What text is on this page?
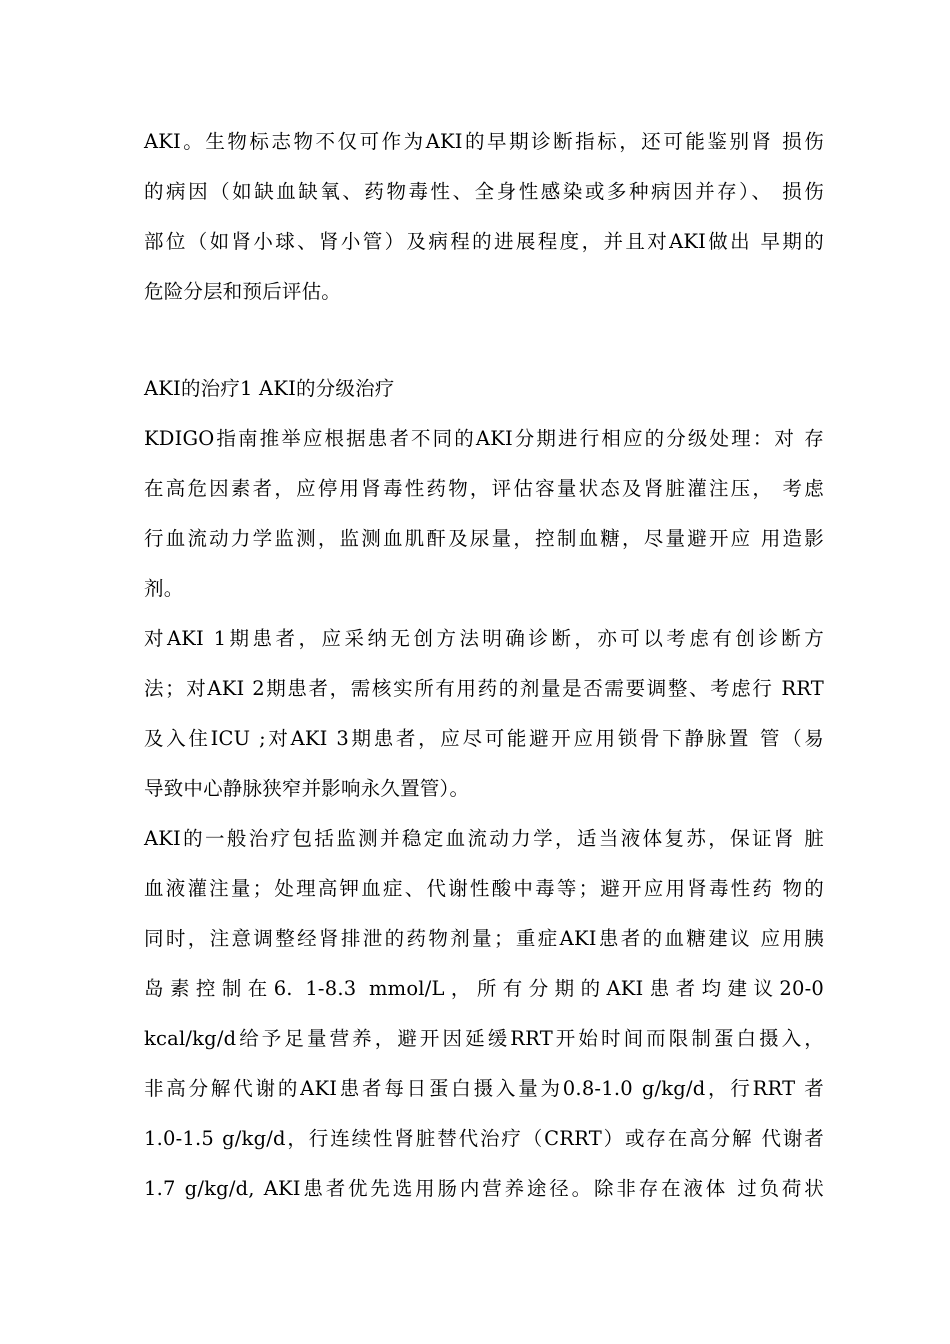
AKI。生物标志物不仅可作为AKI的早期诊断指标，还可能鉴别肾 损伤
的病因（如缺血缺氧、药物毒性、全身性感染或多种病因并存）、 损伤
部位（如肾小球、肾小管）及病程的进展程度，并且对AKI做出 早期的
危险分层和预后评估。
AKI的治疗1 AKI的分级治疗
KDIGO指南推举应根据患者不同的AKI分期进行相应的分级处理：对 存
在高危因素者，应停用肾毒性药物，评估容量状态及肾脏灌注压， 考虑
行血流动力学监测，监测血肌酐及尿量，控制血糖，尽量避开应 用造影
剂。
对AKI 1期患者，应采纳无创方法明确诊断，亦可以考虑有创诊断方
法；对AKI 2期患者，需核实所有用药的剂量是否需要调整、考虑行 RRT
及入住ICU ;对AKI 3期患者，应尽可能避开应用锁骨下静脉置 管（易
导致中心静脉狭窄并影响永久置管）。
AKI的一般治疗包括监测并稳定血流动力学，适当液体复苏，保证肾 脏
血液灌注量；处理高钾血症、代谢性酸中毒等；避开应用肾毒性药 物的
同时，注意调整经肾排泄的药物剂量；重症AKI患者的血糖建议 应用胰
岛素控制在6. 1-8.3 mmol/L，所有分期的AKI患者均建议20-0
kcal/kg/d给予足量营养，避开因延缓RRT开始时间而限制蛋白摄入，
非高分解代谢的AKI患者每日蛋白摄入量为0.8-1.0 g/kg/d，行RRT 者
1.0-1.5 g/kg/d，行连续性肾脏替代治疗（CRRT）或存在高分解 代谢者
1.7 g/kg/d, AKI患者优先选用肠内营养途径。除非存在液体 过负荷状
